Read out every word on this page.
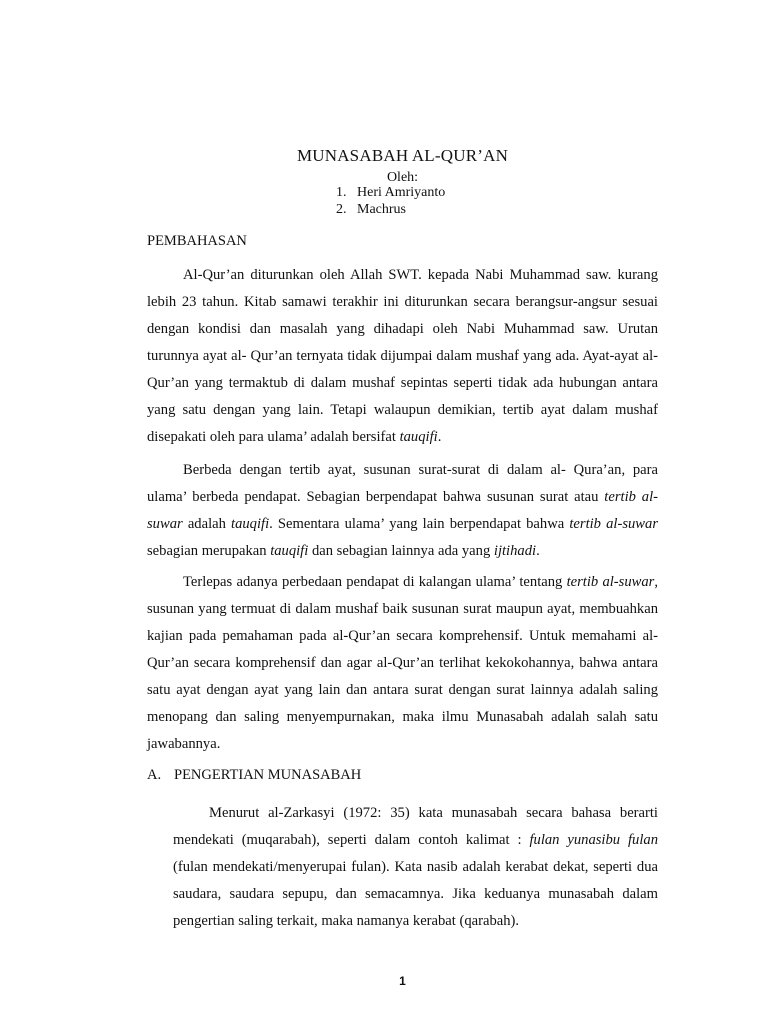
MUNASABAH AL-QUR’AN
Oleh:
1. Heri Amriyanto
2. Machrus
PEMBAHASAN

Al-Qur’an diturunkan oleh Allah SWT. kepada Nabi Muhammad saw. kurang lebih 23 tahun. Kitab samawi terakhir ini diturunkan secara berangsur-angsur sesuai dengan kondisi dan masalah yang dihadapi oleh Nabi Muhammad saw. Urutan turunnya ayat al- Qur’an ternyata tidak dijumpai dalam mushaf yang ada. Ayat-ayat al-Qur’an yang termaktub di dalam mushaf sepintas seperti tidak ada hubungan antara yang satu dengan yang lain. Tetapi walaupun demikian, tertib ayat dalam mushaf disepakati oleh para ulama’ adalah bersifat tauqifi.

Berbeda dengan tertib ayat, susunan surat-surat di dalam al- Qura’an, para ulama’ berbeda pendapat. Sebagian berpendapat bahwa susunan surat atau tertib al-suwar adalah tauqifi. Sementara ulama’ yang lain berpendapat bahwa tertib al-suwar sebagian merupakan tauqifi dan sebagian lainnya ada yang ijtihadi.

Terlepas adanya perbedaan pendapat di kalangan ulama’ tentang tertib al-suwar, susunan yang termuat di dalam mushaf baik susunan surat maupun ayat, membuahkan kajian pada pemahaman pada al-Qur’an secara komprehensif. Untuk memahami al-Qur’an secara komprehensif dan agar al-Qur’an terlihat kekokohannya, bahwa antara satu ayat dengan ayat yang lain dan antara surat dengan surat lainnya adalah saling menopang dan saling menyempurnakan, maka ilmu Munasabah adalah salah satu jawabannya.

A. PENGERTIAN MUNASABAH

Menurut al-Zarkasyi (1972: 35) kata munasabah secara bahasa berarti mendekati (muqarabah), seperti dalam contoh kalimat : fulan yunasibu fulan (fulan mendekati/menyerupai fulan). Kata nasib adalah kerabat dekat, seperti dua saudara, saudara sepupu, dan semacamnya. Jika keduanya munasabah dalam pengertian saling terkait, maka namanya kerabat (qarabah).

1
